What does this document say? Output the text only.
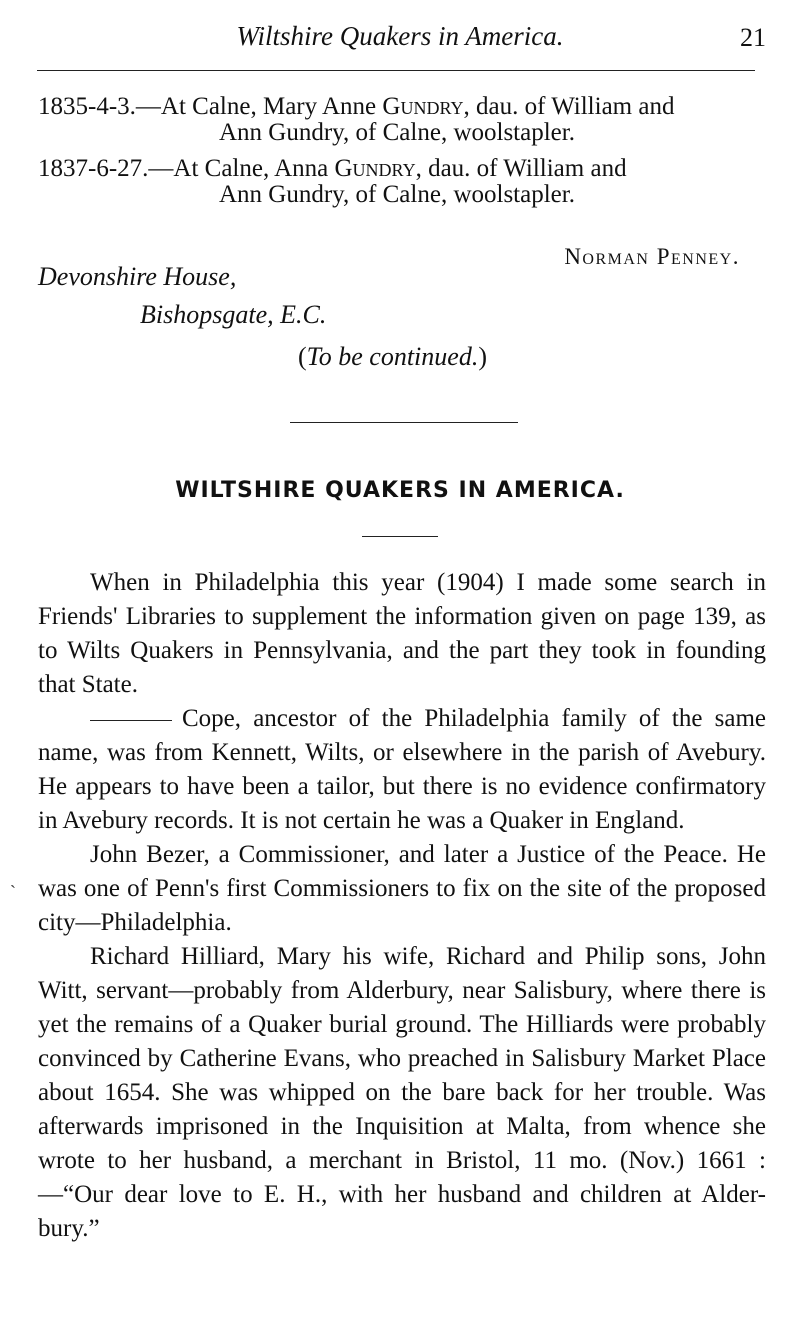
Wiltshire Quakers in America.	21
1835-4-3.—At Calne, Mary Anne Gundry, dau. of William and
Ann Gundry, of Calne, woolstapler.
1837-6-27.—At Calne, Anna Gundry, dau. of William and
Ann Gundry, of Calne, woolstapler.
Norman Penney.
Devonshire House,
Bishopsgate, E.C.
(To be continued.)
WILTSHIRE QUAKERS IN AMERICA.

When in Philadelphia this year (1904) I made some search in Friends' Libraries to supplement the information given on page 139, as to Wilts Quakers in Pennsylvania, and the part they took in founding that State.

Cope, ancestor of the Philadelphia family of the same name, was from Kennett, Wilts, or elsewhere in the parish of Avebury. He appears to have been a tailor, but there is no evidence confirmatory in Avebury records. It is not certain he was a Quaker in England.

John Bezer, a Commissioner, and later a Justice of the Peace. He was one of Penn's first Commissioners to fix on the site of the proposed city—Philadelphia.

Richard Hilliard, Mary his wife, Richard and Philip sons, John Witt, servant—probably from Alderbury, near Salisbury, where there is yet the remains of a Quaker burial ground. The Hilliards were probably convinced by Catherine Evans, who preached in Salisbury Market Place about 1654. She was whipped on the bare back for her trouble. Was afterwards imprisoned in the Inquisition at Malta, from whence she wrote to her husband, a merchant in Bristol, 11 mo. (Nov.) 1661 :—“Our dear love to E. H., with her husband and children at Alder-bury.”

`
